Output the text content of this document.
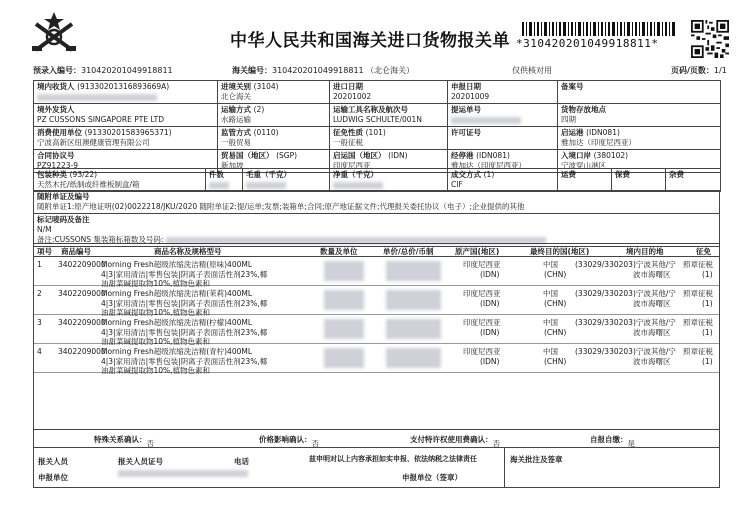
中华人民共和国海关进口货物报关单 *310420201049918811*
预录入编号：310420201049918811	海关编号：310420201049918811 （北仑海关）	仅供核对用	页码/页数：1/1
境内收货人 (91330201316893669A)	进境关别 (3104)
北仑海关

进口日期
20201002

申报日期
20201009

备案号

境外发货人
PZ CUSSONS SINGAPORE PTE LTD

运输方式 (2)
水路运输

运输工具名称及航次号
LUDWIG SCHULTE/001N

提运单号	货物存放地点
四期

消费使用单位 (91330201583965371)
宁波高新区纽澳健康管理有限公司

监管方式 (0110)
一般贸易

征免性质 (101)
一般征税

许可证号	启运港 (IDN081)
雅加达（印度尼西亚）

合同协议号
PZ91223-9

贸易国（地区） (SGP)
新加坡

启运国（地区） (IDN)
印度尼西亚

经停港 (IDN081)
雅加达（印度尼西亚）

入境口岸 (380102)
宁波穿山港区
包装种类 (93/22)
天然木托/纸制或纤维板制盒/箱

件数	毛重（千克）	净重（千克）	成交方式 (1)
CIF

运费	保费	杂费
随附单证及编号
随附单证1:原产地证明(02)0022218/JKU/2020 随附单证2:提/运单;发票;装箱单;合同;原产地证据文件;代理报关委托协议（电子）;企业提供的其他

标记唛码及备注
N/M
备注:CUSSONS 集装箱标箱数及号码:
项号 商品编号	商品名称及规格型号	数量及单位	单价/总价/币制	原产国(地区)	最终目的国(地区)	境内目的地	征免
1 3402209000
Morning Fresh超级浓缩洗洁精(原味)400ML
4|3|家用清洁|零售包装|阴离子表面活性剂23%,椰
油甜菜碱提取物10%,植物色素和
印度尼西亚
(IDN)
中国
(CHN)
(33029/330203)宁波其他/宁
波市海曙区
照章征税
(1)
2 3402209000
Morning Fresh超级浓缩洗洁精(茉莉)400ML
4|3|家用清洁|零售包装|阴离子表面活性剂23%,椰
油甜菜碱提取物10%,植物色素和
印度尼西亚
(IDN)
中国
(CHN)
(33029/330203)宁波其他/宁
波市海曙区
照章征税
(1)
3 3402209000
Morning Fresh超级浓缩洗洁精(柠檬)400ML
4|3|家用清洁|零售包装|阴离子表面活性剂23%,椰
油甜菜碱提取物10%,植物色素和
印度尼西亚
(IDN)
中国
(CHN)
(33029/330203)宁波其他/宁
波市海曙区
照章征税
(1)
4 3402209000
Morning Fresh超级浓缩洗洁精(青柠)400ML
4|3|家用清洁|零售包装|阴离子表面活性剂23%,椰
油甜菜碱提取物10%,植物色素和
印度尼西亚
(IDN)
中国
(CHN)
(33029/330203)宁波其他/宁
波市海曙区
照章征税
(1)
特殊关系确认： 否	价格影响确认： 否	支付特许权使用费确认： 否	自报自缴： 是
报关人员	报关人员证号	电话	兹申明对以上内容承担如实申报、依法纳税之法律责任
申报单位	申报单位（签章）
海关批注及签章
